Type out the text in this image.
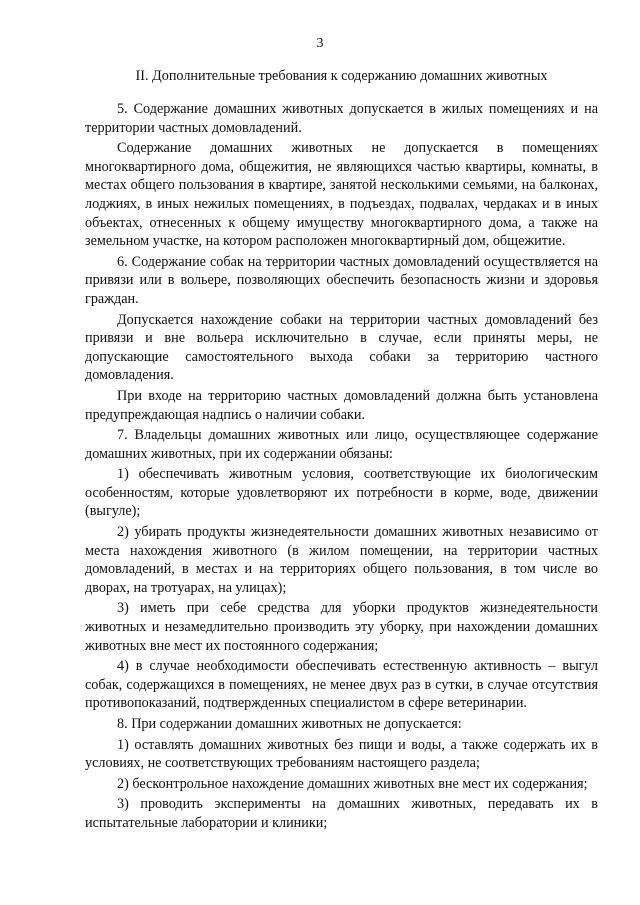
3
II. Дополнительные требования к содержанию домашних животных

5. Содержание домашних животных допускается в жилых помещениях и на территории частных домовладений.

Содержание домашних животных не допускается в помещениях многоквартирного дома, общежития, не являющихся частью квартиры, комнаты, в местах общего пользования в квартире, занятой несколькими семьями, на балконах, лоджиях, в иных нежилых помещениях, в подъездах, подвалах, чердаках и в иных объектах, отнесенных к общему имуществу многоквартирного дома, а также на земельном участке, на котором расположен многоквартирный дом, общежитие.

6. Содержание собак на территории частных домовладений осуществляется на привязи или в вольере, позволяющих обеспечить безопасность жизни и здоровья граждан.

Допускается нахождение собаки на территории частных домовладений без привязи и вне вольера исключительно в случае, если приняты меры, не допускающие самостоятельного выхода собаки за территорию частного домовладения.

При входе на территорию частных домовладений должна быть установлена предупреждающая надпись о наличии собаки.

7. Владельцы домашних животных или лицо, осуществляющее содержание домашних животных, при их содержании обязаны:

1) обеспечивать животным условия, соответствующие их биологическим особенностям, которые удовлетворяют их потребности в корме, воде, движении (выгуле);

2) убирать продукты жизнедеятельности домашних животных независимо от места нахождения животного (в жилом помещении, на территории частных домовладений, в местах и на территориях общего пользования, в том числе во дворах, на тротуарах, на улицах);

3) иметь при себе средства для уборки продуктов жизнедеятельности животных и незамедлительно производить эту уборку, при нахождении домашних животных вне мест их постоянного содержания;

4) в случае необходимости обеспечивать естественную активность – выгул собак, содержащихся в помещениях, не менее двух раз в сутки, в случае отсутствия противопоказаний, подтвержденных специалистом в сфере ветеринарии.

8. При содержании домашних животных не допускается:

1) оставлять домашних животных без пищи и воды, а также содержать их в условиях, не соответствующих требованиям настоящего раздела;

2) бесконтрольное нахождение домашних животных вне мест их содержания;

3) проводить эксперименты на домашних животных, передавать их в испытательные лаборатории и клиники;
